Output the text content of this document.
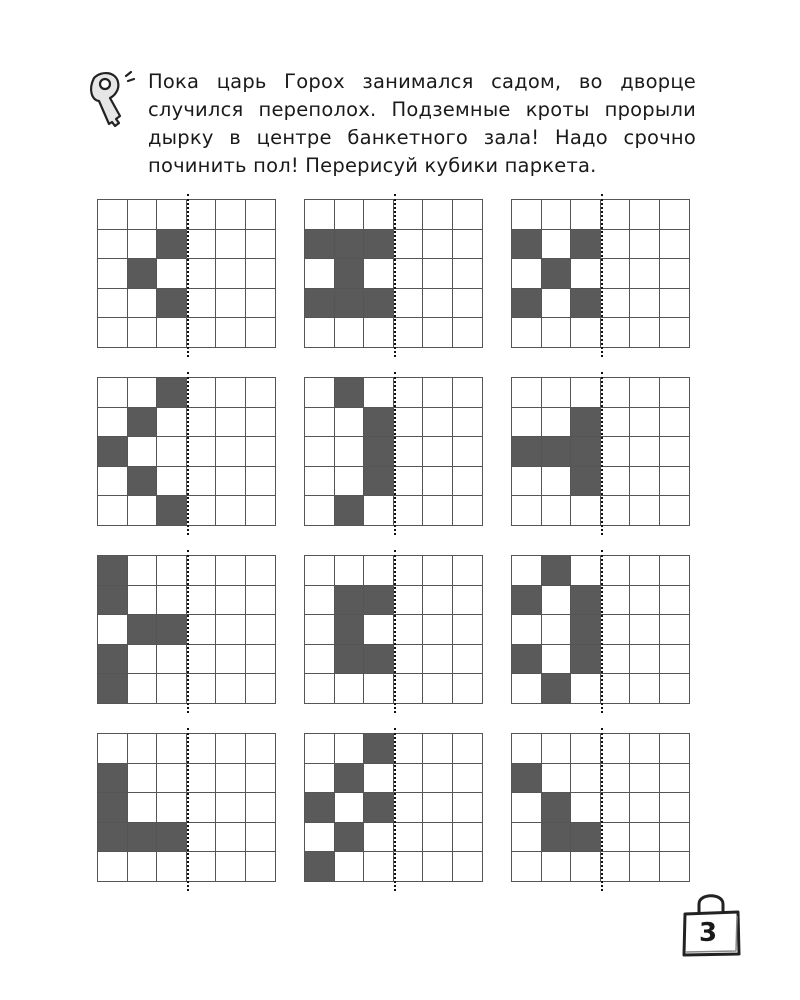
Пока царь Горох занимался садом, во дворце случился переполох. Подземные кроты прорыли дырку в центре банкетного зала! Надо срочно починить пол! Перерисуй кубики паркета.

3
